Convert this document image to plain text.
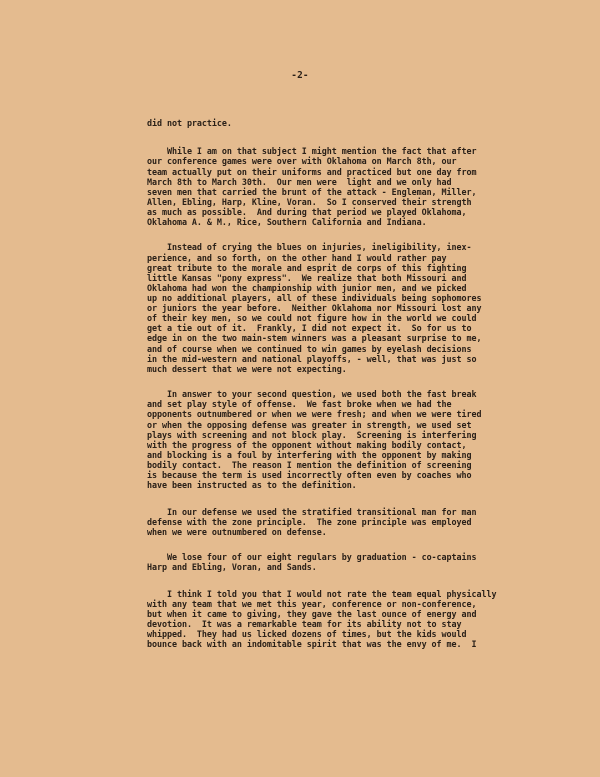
-2-
did not practice.
While I am on that subject I might mention the fact that after
our conference games were over with Oklahoma on March 8th, our
team actually put on their uniforms and practiced but one day from
March 8th to March 30th.  Our men were  light and we only had
seven men that carried the brunt of the attack - Engleman, Miller,
Allen, Ebling, Harp, Kline, Voran.  So I conserved their strength
as much as possible.  And during that period we played Oklahoma,
Oklahoma A. & M., Rice, Southern California and Indiana.
Instead of crying the blues on injuries, ineligibility, inex-
perience, and so forth, on the other hand I would rather pay
great tribute to the morale and esprit de corps of this fighting
little Kansas "pony express".  We realize that both Missouri and
Oklahoma had won the championship with junior men, and we picked
up no additional players, all of these individuals being sophomores
or juniors the year before.  Neither Oklahoma nor Missouri lost any
of their key men, so we could not figure how in the world we could
get a tie out of it.  Frankly, I did not expect it.  So for us to
edge in on the two main-stem winners was a pleasant surprise to me,
and of course when we continued to win games by eyelash decisions
in the mid-western and national playoffs, - well, that was just so
much dessert that we were not expecting.
In answer to your second question, we used both the fast break
and set play style of offense.  We fast broke when we had the
opponents outnumbered or when we were fresh; and when we were tired
or when the opposing defense was greater in strength, we used set
plays with screening and not block play.  Screening is interfering
with the progress of the opponent without making bodily contact,
and blocking is a foul by interfering with the opponent by making
bodily contact.  The reason I mention the definition of screening
is because the term is used incorrectly often even by coaches who
have been instructed as to the definition.
In our defense we used the stratified transitional man for man
defense with the zone principle.  The zone principle was employed
when we were outnumbered on defense.
We lose four of our eight regulars by graduation - co-captains
Harp and Ebling, Voran, and Sands.
I think I told you that I would not rate the team equal physically
with any team that we met this year, conference or non-conference,
but when it came to giving, they gave the last ounce of energy and
devotion.  It was a remarkable team for its ability not to stay
whipped.  They had us licked dozens of times, but the kids would
bounce back with an indomitable spirit that was the envy of me.  I
